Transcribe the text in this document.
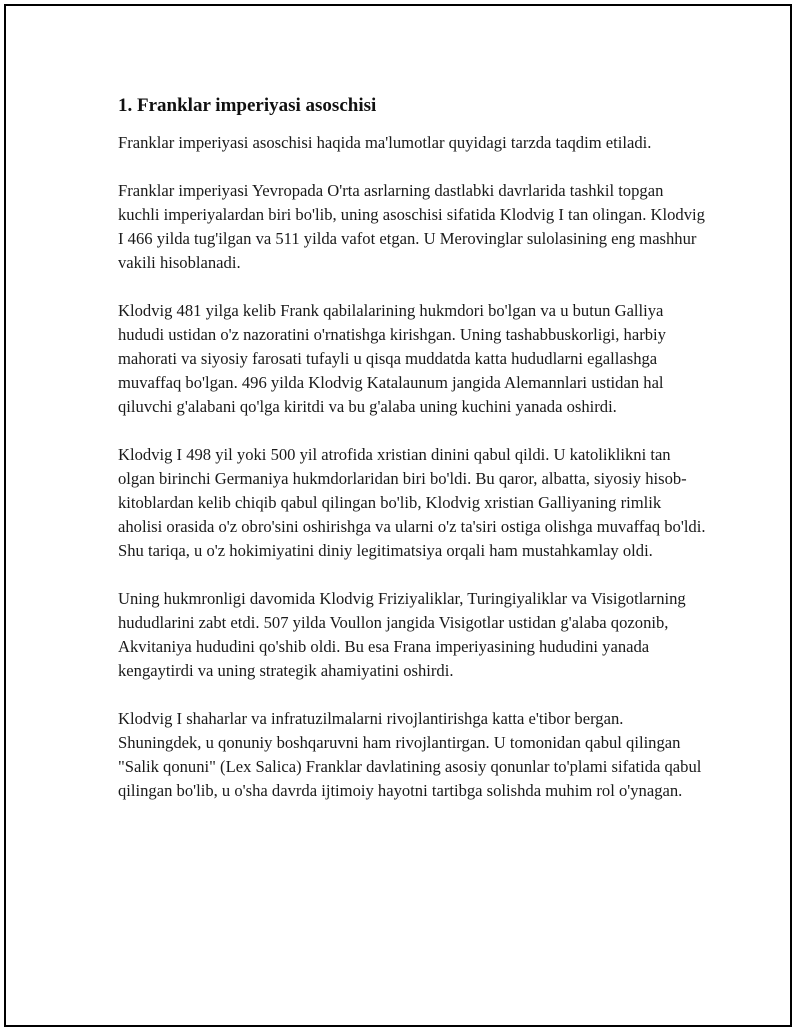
1. Franklar imperiyasi asoschisi

Franklar imperiyasi asoschisi haqida ma'lumotlar quyidagi tarzda taqdim etiladi.

Franklar imperiyasi Yevropada O'rta asrlarning dastlabki davrlarida tashkil topgan kuchli imperiyalardan biri bo'lib, uning asoschisi sifatida Klodvig I tan olingan. Klodvig I 466 yilda tug'ilgan va 511 yilda vafot etgan. U Merovinglar sulolasining eng mashhur vakili hisoblanadi.

Klodvig 481 yilga kelib Frank qabilalarining hukmdori bo'lgan va u butun Galliya hududi ustidan o'z nazoratini o'rnatishga kirishgan. Uning tashabbuskorligi, harbiy mahorati va siyosiy farosati tufayli u qisqa muddatda katta hududlarni egallashga muvaffaq bo'lgan. 496 yilda Klodvig Katalaunum jangida Alemannlari ustidan hal qiluvchi g'alabani qo'lga kiritdi va bu g'alaba uning kuchini yanada oshirdi.

Klodvig I 498 yil yoki 500 yil atrofida xristian dinini qabul qildi. U katoliklikni tan olgan birinchi Germaniya hukmdorlaridan biri bo'ldi. Bu qaror, albatta, siyosiy hisob-kitoblardan kelib chiqib qabul qilingan bo'lib, Klodvig xristian Galliyaning rimlik aholisi orasida o'z obro'sini oshirishga va ularni o'z ta'siri ostiga olishga muvaffaq bo'ldi. Shu tariqa, u o'z hokimiyatini diniy legitimatsiya orqali ham mustahkamlay oldi.

Uning hukmronligi davomida Klodvig Friziyaliklar, Turingiyaliklar va Visigotlarning hududlarini zabt etdi. 507 yilda Voullon jangida Visigotlar ustidan g'alaba qozonib, Akvitaniya hududini qo'shib oldi. Bu esa Frana imperiyasining hududini yanada kengaytirdi va uning strategik ahamiyatini oshirdi.

Klodvig I shaharlar va infratuzilmalarni rivojlantirishga katta e'tibor bergan. Shuningdek, u qonuniy boshqaruvni ham rivojlantirgan. U tomonidan qabul qilingan "Salik qonuni" (Lex Salica) Franklar davlatining asosiy qonunlar to'plami sifatida qabul qilingan bo'lib, u o'sha davrda ijtimoiy hayotni tartibga solishda muhim rol o'ynagan.
